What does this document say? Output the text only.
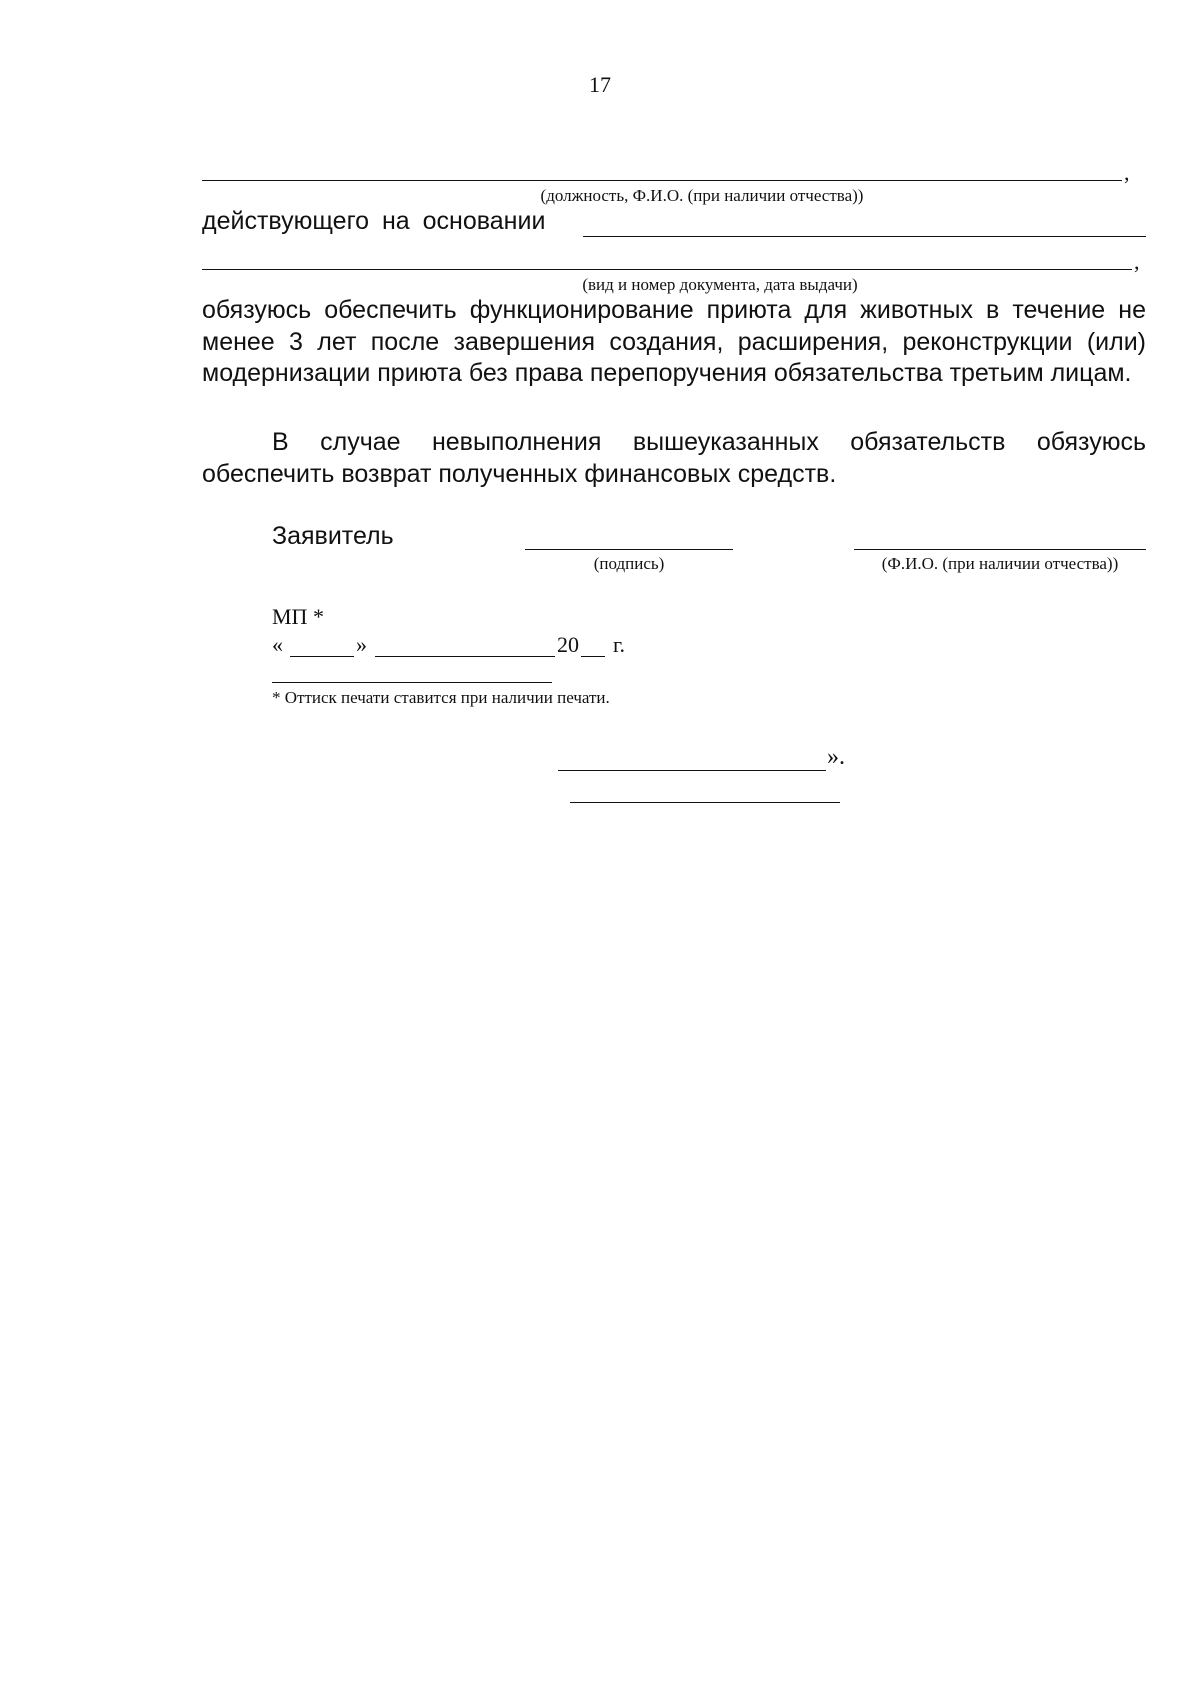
17
,
(должность, Ф.И.О. (при наличии отчества))
действующего на основании
,
(вид и номер документа, дата выдачи)
обязуюсь обеспечить функционирование приюта для животных в течение не менее 3 лет после завершения создания, расширения, реконструкции (или) модернизации приюта без права перепоручения обязательства третьим лицам.
В случае невыполнения вышеуказанных обязательств обязуюсь обеспечить возврат полученных финансовых средств.
Заявитель
(подпись)	(Ф.И.О. (при наличии отчества))
МП *
«	»	20 г.
* Оттиск печати ставится при наличии печати.
».
